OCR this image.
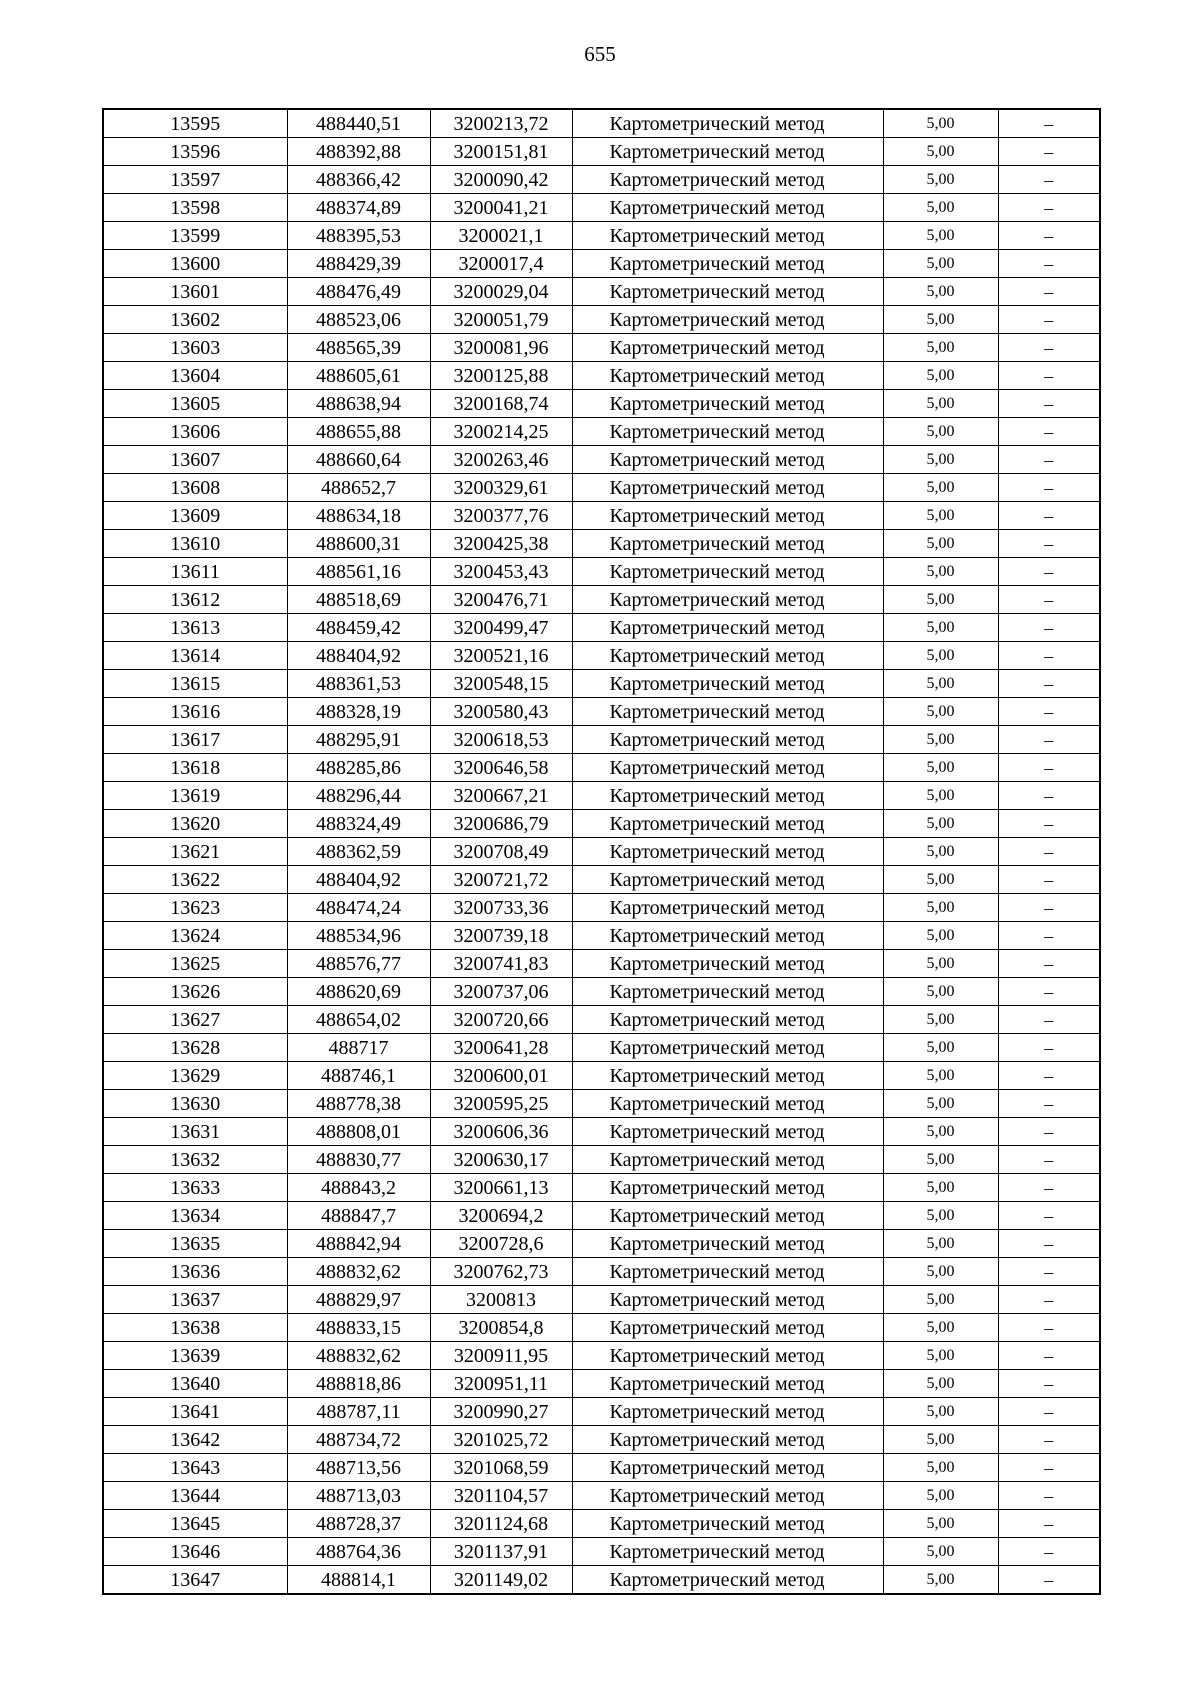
655
13595	488440,51	3200213,72	Картометрический метод	5,00	–
13596	488392,88	3200151,81	Картометрический метод	5,00	–
13597	488366,42	3200090,42	Картометрический метод	5,00	–
13598	488374,89	3200041,21	Картометрический метод	5,00	–
13599	488395,53	3200021,1	Картометрический метод	5,00	–
13600	488429,39	3200017,4	Картометрический метод	5,00	–
13601	488476,49	3200029,04	Картометрический метод	5,00	–
13602	488523,06	3200051,79	Картометрический метод	5,00	–
13603	488565,39	3200081,96	Картометрический метод	5,00	–
13604	488605,61	3200125,88	Картометрический метод	5,00	–
13605	488638,94	3200168,74	Картометрический метод	5,00	–
13606	488655,88	3200214,25	Картометрический метод	5,00	–
13607	488660,64	3200263,46	Картометрический метод	5,00	–
13608	488652,7	3200329,61	Картометрический метод	5,00	–
13609	488634,18	3200377,76	Картометрический метод	5,00	–
13610	488600,31	3200425,38	Картометрический метод	5,00	–
13611	488561,16	3200453,43	Картометрический метод	5,00	–
13612	488518,69	3200476,71	Картометрический метод	5,00	–
13613	488459,42	3200499,47	Картометрический метод	5,00	–
13614	488404,92	3200521,16	Картометрический метод	5,00	–
13615	488361,53	3200548,15	Картометрический метод	5,00	–
13616	488328,19	3200580,43	Картометрический метод	5,00	–
13617	488295,91	3200618,53	Картометрический метод	5,00	–
13618	488285,86	3200646,58	Картометрический метод	5,00	–
13619	488296,44	3200667,21	Картометрический метод	5,00	–
13620	488324,49	3200686,79	Картометрический метод	5,00	–
13621	488362,59	3200708,49	Картометрический метод	5,00	–
13622	488404,92	3200721,72	Картометрический метод	5,00	–
13623	488474,24	3200733,36	Картометрический метод	5,00	–
13624	488534,96	3200739,18	Картометрический метод	5,00	–
13625	488576,77	3200741,83	Картометрический метод	5,00	–
13626	488620,69	3200737,06	Картометрический метод	5,00	–
13627	488654,02	3200720,66	Картометрический метод	5,00	–
13628	488717	3200641,28	Картометрический метод	5,00	–
13629	488746,1	3200600,01	Картометрический метод	5,00	–
13630	488778,38	3200595,25	Картометрический метод	5,00	–
13631	488808,01	3200606,36	Картометрический метод	5,00	–
13632	488830,77	3200630,17	Картометрический метод	5,00	–
13633	488843,2	3200661,13	Картометрический метод	5,00	–
13634	488847,7	3200694,2	Картометрический метод	5,00	–
13635	488842,94	3200728,6	Картометрический метод	5,00	–
13636	488832,62	3200762,73	Картометрический метод	5,00	–
13637	488829,97	3200813	Картометрический метод	5,00	–
13638	488833,15	3200854,8	Картометрический метод	5,00	–
13639	488832,62	3200911,95	Картометрический метод	5,00	–
13640	488818,86	3200951,11	Картометрический метод	5,00	–
13641	488787,11	3200990,27	Картометрический метод	5,00	–
13642	488734,72	3201025,72	Картометрический метод	5,00	–
13643	488713,56	3201068,59	Картометрический метод	5,00	–
13644	488713,03	3201104,57	Картометрический метод	5,00	–
13645	488728,37	3201124,68	Картометрический метод	5,00	–
13646	488764,36	3201137,91	Картометрический метод	5,00	–
13647	488814,1	3201149,02	Картометрический метод	5,00	–
